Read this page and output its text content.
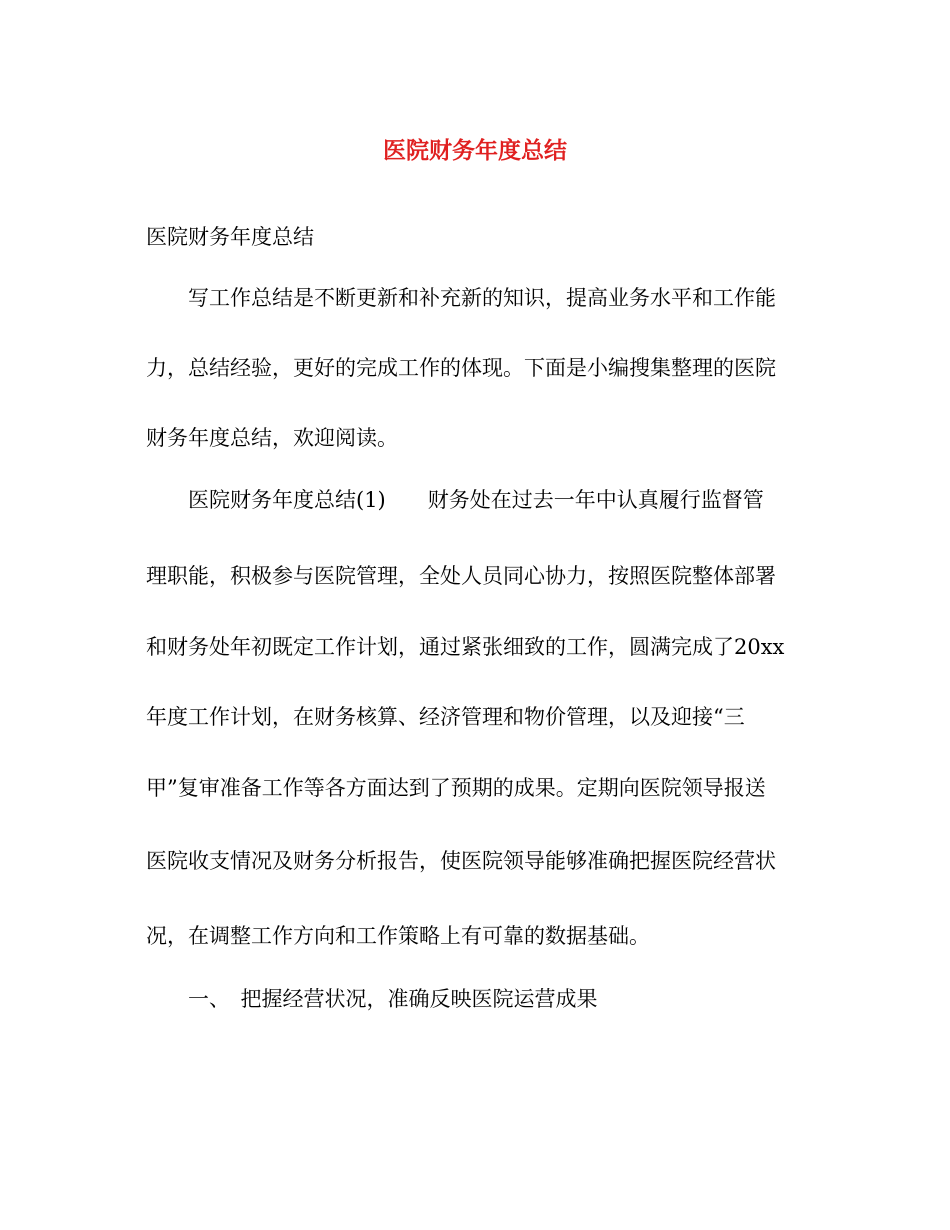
医院财务年度总结
医院财务年度总结
写工作总结是不断更新和补充新的知识，提高业务水平和工作能
力，总结经验，更好的完成工作的体现。下面是小编搜集整理的医院
财务年度总结，欢迎阅读。
医院财务年度总结(1)　　财务处在过去一年中认真履行监督管
理职能，积极参与医院管理，全处人员同心协力，按照医院整体部署
和财务处年初既定工作计划，通过紧张细致的工作，圆满完成了20xx
年度工作计划，在财务核算、经济管理和物价管理，以及迎接“三
甲”复审准备工作等各方面达到了预期的成果。定期向医院领导报送
医院收支情况及财务分析报告，使医院领导能够准确把握医院经营状
况，在调整工作方向和工作策略上有可靠的数据基础。
一、　把握经营状况，准确反映医院运营成果
